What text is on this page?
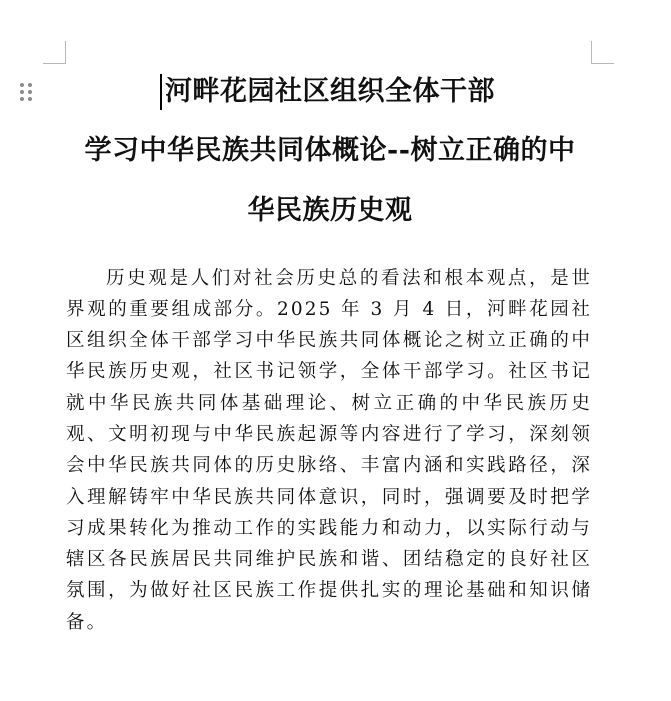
河畔花园社区组织全体干部
学习中华民族共同体概论--树立正确的中
华民族历史观

历史观是人们对社会历史总的看法和根本观点，是世界观的重要组成部分。2025 年 3 月 4 日，河畔花园社区组织全体干部学习中华民族共同体概论之树立正确的中华民族历史观，社区书记领学，全体干部学习。社区书记就中华民族共同体基础理论、树立正确的中华民族历史观、文明初现与中华民族起源等内容进行了学习，深刻领会中华民族共同体的历史脉络、丰富内涵和实践路径，深入理解铸牢中华民族共同体意识，同时，强调要及时把学习成果转化为推动工作的实践能力和动力，以实际行动与辖区各民族居民共同维护民族和谐、团结稳定的良好社区氛围，为做好社区民族工作提供扎实的理论基础和知识储备。
